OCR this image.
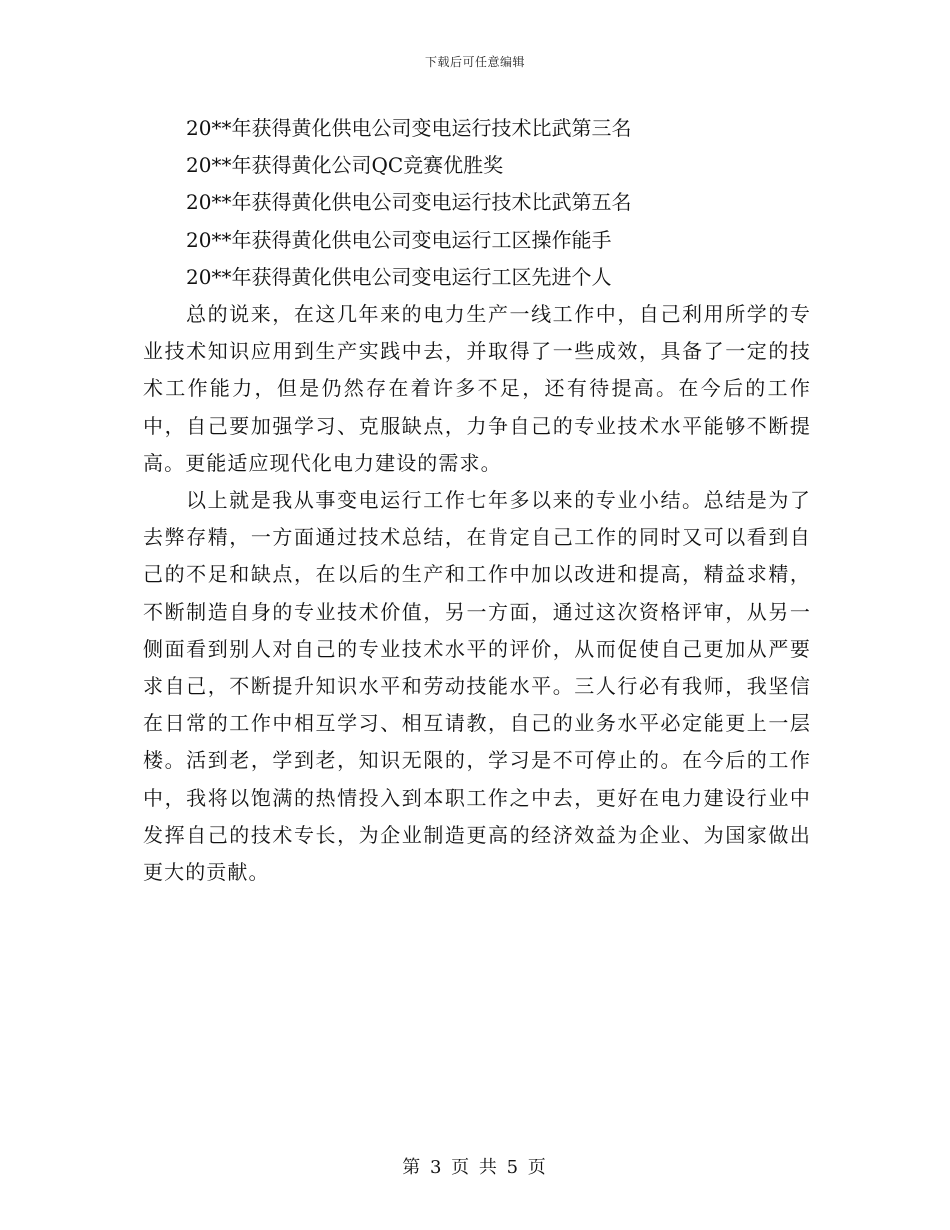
下载后可任意编辑

20**年获得黄化供电公司变电运行技术比武第三名

20**年获得黄化公司QC竞赛优胜奖

20**年获得黄化供电公司变电运行技术比武第五名

20**年获得黄化供电公司变电运行工区操作能手

20**年获得黄化供电公司变电运行工区先进个人

总的说来，在这几年来的电力生产一线工作中，自己利用所学的专业技术知识应用到生产实践中去，并取得了一些成效，具备了一定的技术工作能力，但是仍然存在着许多不足，还有待提高。在今后的工作中，自己要加强学习、克服缺点，力争自己的专业技术水平能够不断提高。更能适应现代化电力建设的需求。

以上就是我从事变电运行工作七年多以来的专业小结。总结是为了去弊存精，一方面通过技术总结，在肯定自己工作的同时又可以看到自己的不足和缺点，在以后的生产和工作中加以改进和提高，精益求精，不断制造自身的专业技术价值，另一方面，通过这次资格评审，从另一侧面看到别人对自己的专业技术水平的评价，从而促使自己更加从严要求自己，不断提升知识水平和劳动技能水平。三人行必有我师，我坚信在日常的工作中相互学习、相互请教，自己的业务水平必定能更上一层楼。活到老，学到老，知识无限的，学习是不可停止的。在今后的工作中，我将以饱满的热情投入到本职工作之中去，更好在电力建设行业中发挥自己的技术专长，为企业制造更高的经济效益为企业、为国家做出更大的贡献。

第 3 页 共 5 页
